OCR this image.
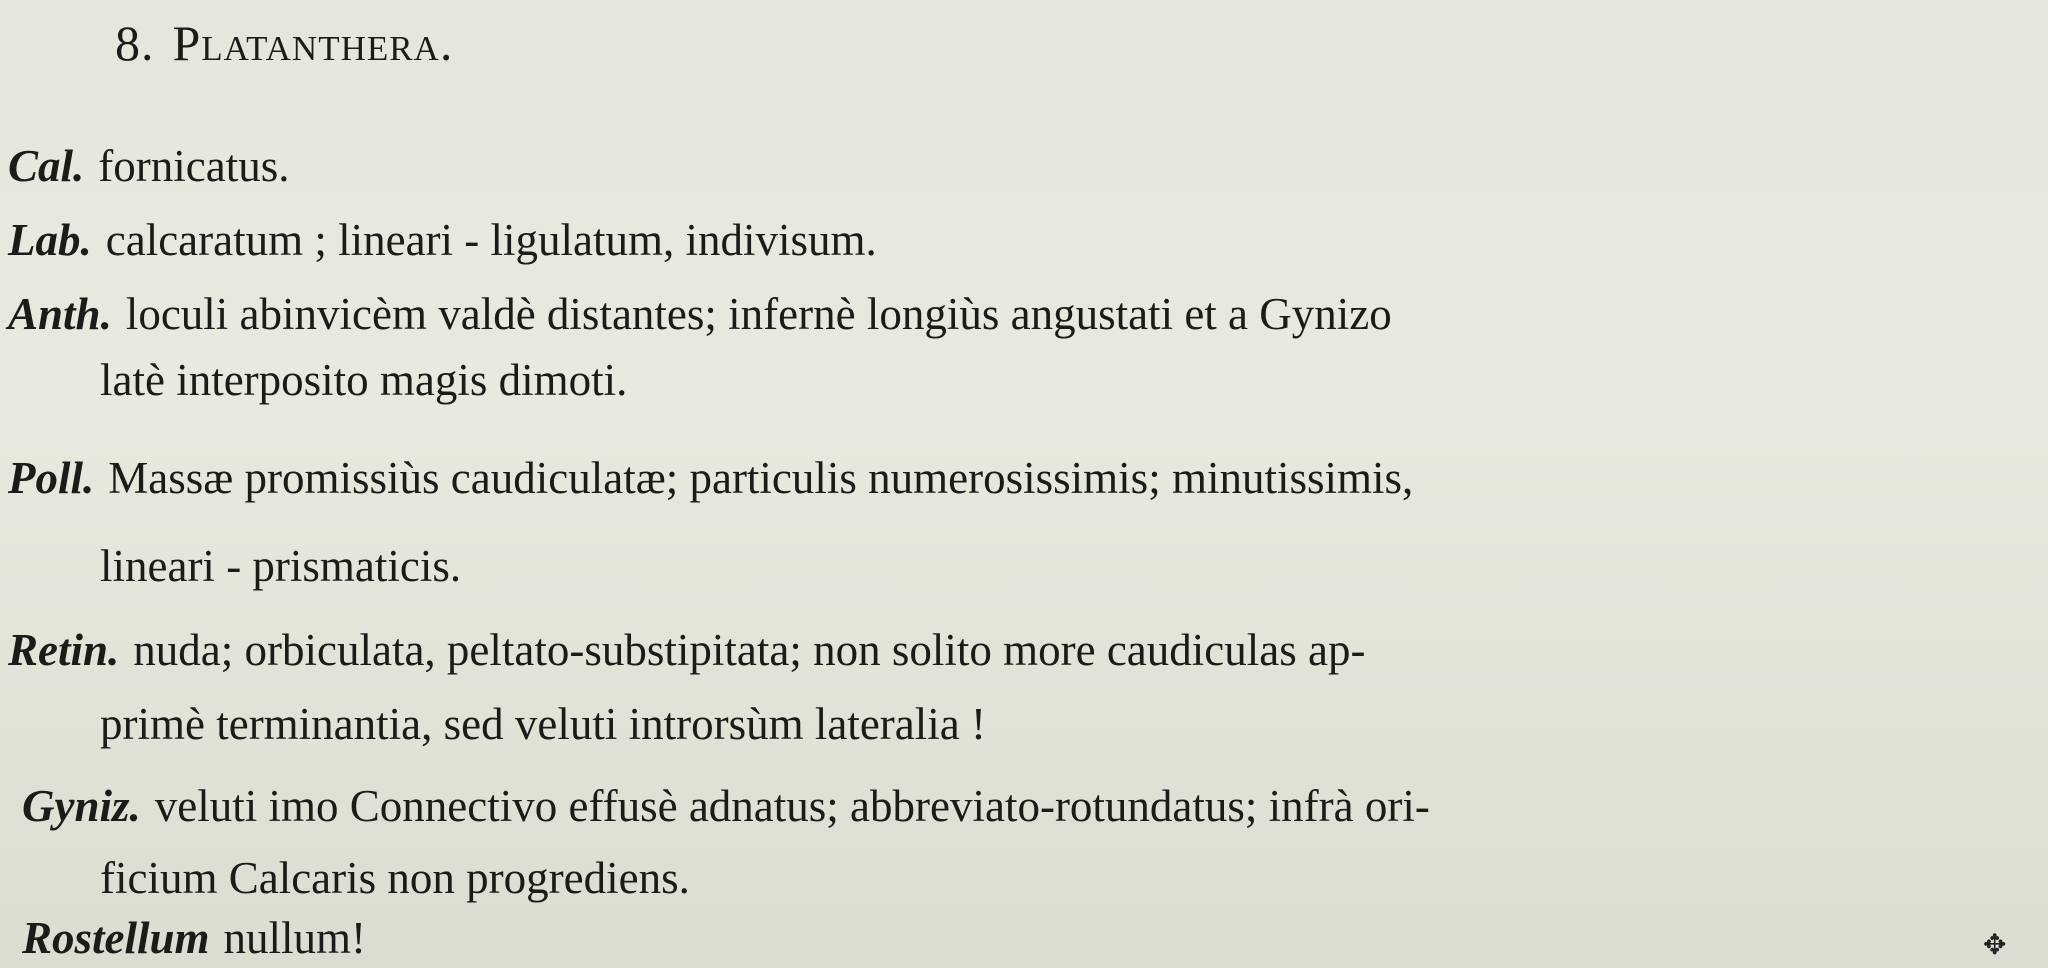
8. Platanthera.
Cal. fornicatus.
Lab. calcaratum ; lineari - ligulatum, indivisum.
Anth. loculi abinvicèm valdè distantes; infernè longiùs angustati et a Gynizo
latè interposito magis dimoti.
Poll. Massæ promissiùs caudiculatæ; particulis numerosissimis; minutissimis,
lineari - prismaticis.
Retin. nuda; orbiculata, peltato-substipitata; non solito more caudiculas ap-
primè terminantia, sed veluti introrsùm lateralia !
Gyniz. veluti imo Connectivo effusè adnatus; abbreviato-rotundatus; infrà ori-
ficium Calcaris non progrediens.
Rostellum nullum!	✥
